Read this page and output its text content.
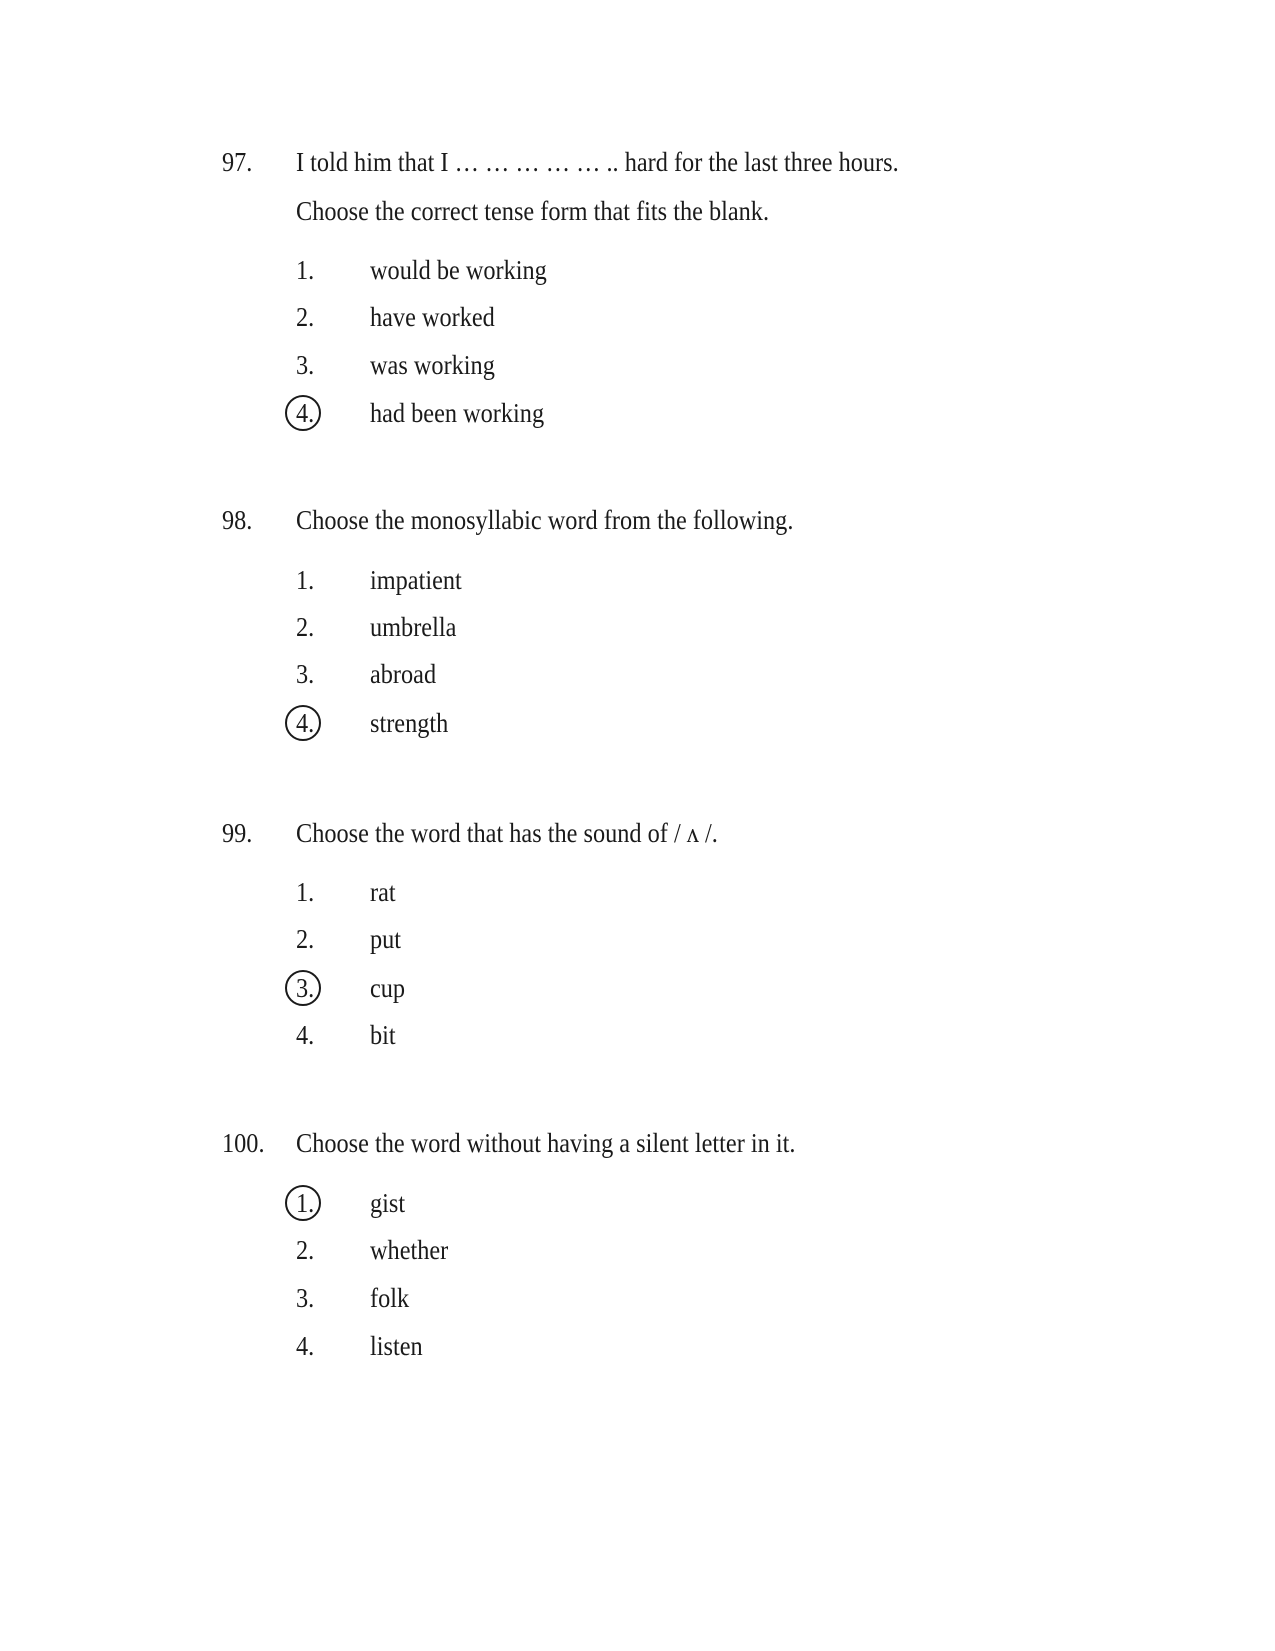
97. I told him that I … … … … … .. hard for the last three hours.
Choose the correct tense form that fits the blank.
1. would be working
2. have worked
3. was working
4. had been working
98. Choose the monosyllabic word from the following.
1. impatient
2. umbrella
3. abroad
4. strength
99. Choose the word that has the sound of / ʌ /.
1. rat
2. put
3. cup
4. bit
100. Choose the word without having a silent letter in it.
1. gist
2. whether
3. folk
4. listen
